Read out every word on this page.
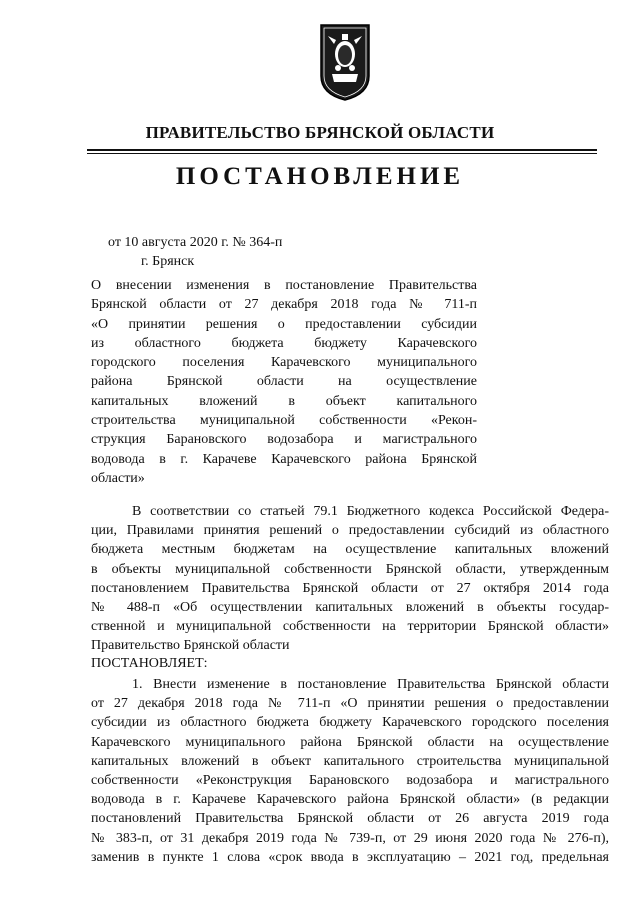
ПРАВИТЕЛЬСТВО БРЯНСКОЙ ОБЛАСТИ
ПОСТАНОВЛЕНИЕ
от 10 августа 2020 г. № 364-п
г. Брянск
О внесении изменения в постановление Правительства
Брянской области от 27 декабря 2018 года № 711-п
«О принятии решения о предоставлении субсидии
из областного бюджета бюджету Карачевского
городского поселения Карачевского муниципального
района Брянской области на осуществление
капитальных вложений в объект капитального
строительства муниципальной собственности «Рекон-
струкция Барановского водозабора и магистрального
водовода в г. Карачеве Карачевского района Брянской
области»
В соответствии со статьей 79.1 Бюджетного кодекса Российской Федера-
ции, Правилами принятия решений о предоставлении субсидий из областного
бюджета местным бюджетам на осуществление капитальных вложений
в объекты муниципальной собственности Брянской области, утвержденным
постановлением Правительства Брянской области от 27 октября 2014 года
№ 488-п «Об осуществлении капитальных вложений в объекты государ-
ственной и муниципальной собственности на территории Брянской области»
Правительство Брянской области
ПОСТАНОВЛЯЕТ:
1. Внести изменение в постановление Правительства Брянской области
от 27 декабря 2018 года № 711-п «О принятии решения о предоставлении
субсидии из областного бюджета бюджету Карачевского городского поселения
Карачевского муниципального района Брянской области на осуществление
капитальных вложений в объект капитального строительства муниципальной
собственности «Реконструкция Барановского водозабора и магистрального
водовода в г. Карачеве Карачевского района Брянской области» (в редакции
постановлений Правительства Брянской области от 26 августа 2019 года
№ 383-п, от 31 декабря 2019 года № 739-п, от 29 июня 2020 года № 276-п),
заменив в пункте 1 слова «срок ввода в эксплуатацию – 2021 год, предельная
